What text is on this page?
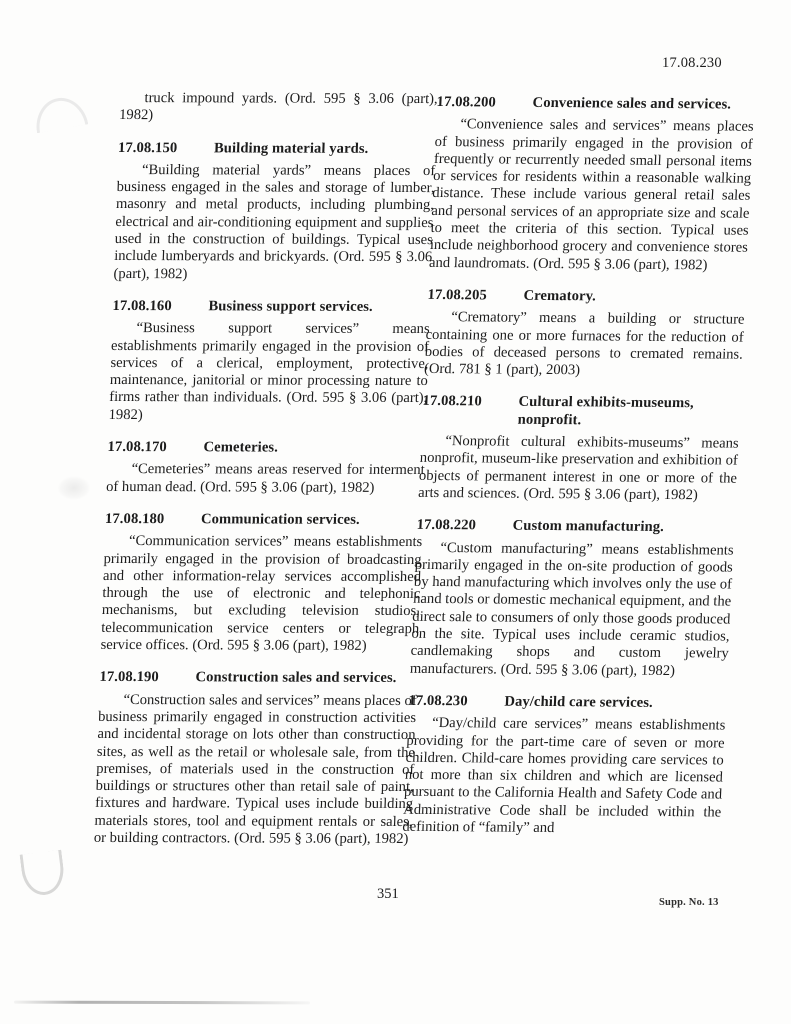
17.08.230

truck impound yards. (Ord. 595 § 3.06 (part), 1982)

17.08.150	Building material yards.

“Building material yards” means places of business engaged in the sales and storage of lumber, masonry and metal products, including plumbing, electrical and air-conditioning equipment and supplies used in the construction of buildings. Typical uses include lumberyards and brickyards. (Ord. 595 § 3.06 (part), 1982)

17.08.160	Business support services.

“Business support services” means establishments primarily engaged in the provision of services of a clerical, employment, protective, maintenance, janitorial or minor processing nature to firms rather than individuals. (Ord. 595 § 3.06 (part), 1982)

17.08.170	Cemeteries.

“Cemeteries” means areas reserved for interment of human dead. (Ord. 595 § 3.06 (part), 1982)

17.08.180	Communication services.

“Communication services” means establishments primarily engaged in the provision of broadcasting and other information-relay services accomplished through the use of electronic and telephonic mechanisms, but excluding television studios, telecommunication service centers or telegraph service offices. (Ord. 595 § 3.06 (part), 1982)

17.08.190	Construction sales and services.

“Construction sales and services” means places of business primarily engaged in construction activities and incidental storage on lots other than construction sites, as well as the retail or wholesale sale, from the premises, of materials used in the construction of buildings or structures other than retail sale of paint, fixtures and hardware. Typical uses include building materials stores, tool and equipment rentals or sales, or building contractors. (Ord. 595 § 3.06 (part), 1982)

17.08.200	Convenience sales and services.

“Convenience sales and services” means places of business primarily engaged in the provision of frequently or recurrently needed small personal items or services for residents within a reasonable walking distance. These include various general retail sales and personal services of an appropriate size and scale to meet the criteria of this section. Typical uses include neighborhood grocery and convenience stores and laundromats. (Ord. 595 § 3.06 (part), 1982)

17.08.205	Crematory.

“Crematory” means a building or structure containing one or more furnaces for the reduction of bodies of deceased persons to cremated remains. (Ord. 781 § 1 (part), 2003)

17.08.210	Cultural exhibits-museums, nonprofit.

“Nonprofit cultural exhibits-museums” means nonprofit, museum-like preservation and exhibition of objects of permanent interest in one or more of the arts and sciences. (Ord. 595 § 3.06 (part), 1982)

17.08.220	Custom manufacturing.

“Custom manufacturing” means establishments primarily engaged in the on-site production of goods by hand manufacturing which involves only the use of hand tools or domestic mechanical equipment, and the direct sale to consumers of only those goods produced on the site. Typical uses include ceramic studios, candlemaking shops and custom jewelry manufacturers. (Ord. 595 § 3.06 (part), 1982)

17.08.230	Day/child care services.

“Day/child care services” means establishments providing for the part-time care of seven or more children. Child-care homes providing care services to not more than six children and which are licensed pursuant to the California Health and Safety Code and Administrative Code shall be included within the definition of “family” and

351
Supp. No. 13
